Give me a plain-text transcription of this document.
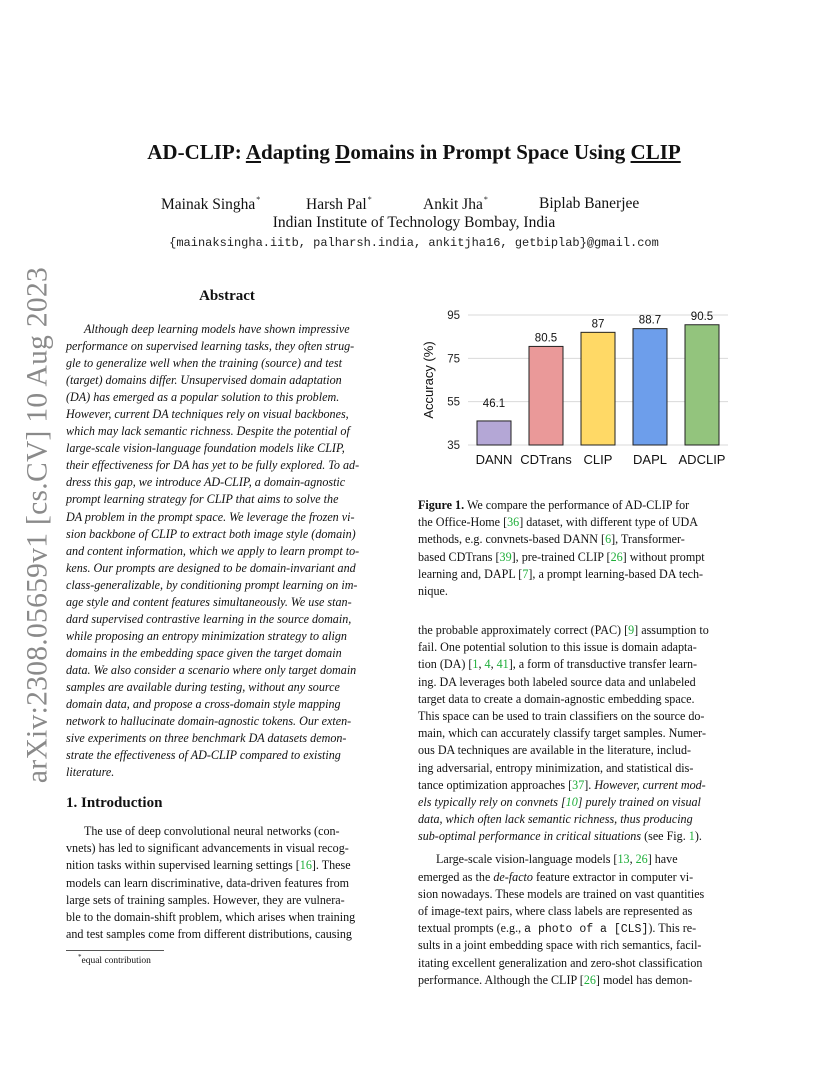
arXiv:2308.05659v1 [cs.CV] 10 Aug 2023
AD-CLIP: Adapting Domains in Prompt Space Using CLIP
Mainak Singha*	Harsh Pal*	Ankit Jha*	Biplab Banerjee
Indian Institute of Technology Bombay, India
{mainaksingha.iitb, palharsh.india, ankitjha16, getbiplab}@gmail.com
Abstract
Although deep learning models have shown impressive
performance on supervised learning tasks, they often strug-
gle to generalize well when the training (source) and test
(target) domains differ. Unsupervised domain adaptation
(DA) has emerged as a popular solution to this problem.
However, current DA techniques rely on visual backbones,
which may lack semantic richness. Despite the potential of
large-scale vision-language foundation models like CLIP,
their effectiveness for DA has yet to be fully explored. To ad-
dress this gap, we introduce AD-CLIP, a domain-agnostic
prompt learning strategy for CLIP that aims to solve the
DA problem in the prompt space. We leverage the frozen vi-
sion backbone of CLIP to extract both image style (domain)
and content information, which we apply to learn prompt to-
kens. Our prompts are designed to be domain-invariant and
class-generalizable, by conditioning prompt learning on im-
age style and content features simultaneously. We use stan-
dard supervised contrastive learning in the source domain,
while proposing an entropy minimization strategy to align
domains in the embedding space given the target domain
data. We also consider a scenario where only target domain
samples are available during testing, without any source
domain data, and propose a cross-domain style mapping
network to hallucinate domain-agnostic tokens. Our exten-
sive experiments on three benchmark DA datasets demon-
strate the effectiveness of AD-CLIP compared to existing
literature.
1. Introduction
The use of deep convolutional neural networks (con-
vnets) has led to significant advancements in visual recog-
nition tasks within supervised learning settings [16]. These
models can learn discriminative, data-driven features from
large sets of training samples. However, they are vulnera-
ble to the domain-shift problem, which arises when training
and test samples come from different distributions, causing
*equal contribution
35
55
75
95
Accuracy (%)	46.1
DANN
80.5
CDTrans
87
CLIP
88.7
DAPL
90.5
ADCLIP
Figure 1. We compare the performance of AD-CLIP for
the Office-Home [36] dataset, with different type of UDA
methods, e.g. convnets-based DANN [6], Transformer-
based CDTrans [39], pre-trained CLIP [26] without prompt
learning and, DAPL [7], a prompt learning-based DA tech-
nique.
the probable approximately correct (PAC) [9] assumption to
fail. One potential solution to this issue is domain adapta-
tion (DA) [1, 4, 41], a form of transductive transfer learn-
ing. DA leverages both labeled source data and unlabeled
target data to create a domain-agnostic embedding space.
This space can be used to train classifiers on the source do-
main, which can accurately classify target samples. Numer-
ous DA techniques are available in the literature, includ-
ing adversarial, entropy minimization, and statistical dis-
tance optimization approaches [37]. However, current mod-
els typically rely on convnets [10] purely trained on visual
data, which often lack semantic richness, thus producing
sub-optimal performance in critical situations (see Fig. 1).
Large-scale vision-language models [13, 26] have
emerged as the de-facto feature extractor in computer vi-
sion nowadays. These models are trained on vast quantities
of image-text pairs, where class labels are represented as
textual prompts (e.g., a photo of a [CLS]). This re-
sults in a joint embedding space with rich semantics, facil-
itating excellent generalization and zero-shot classification
performance. Although the CLIP [26] model has demon-
